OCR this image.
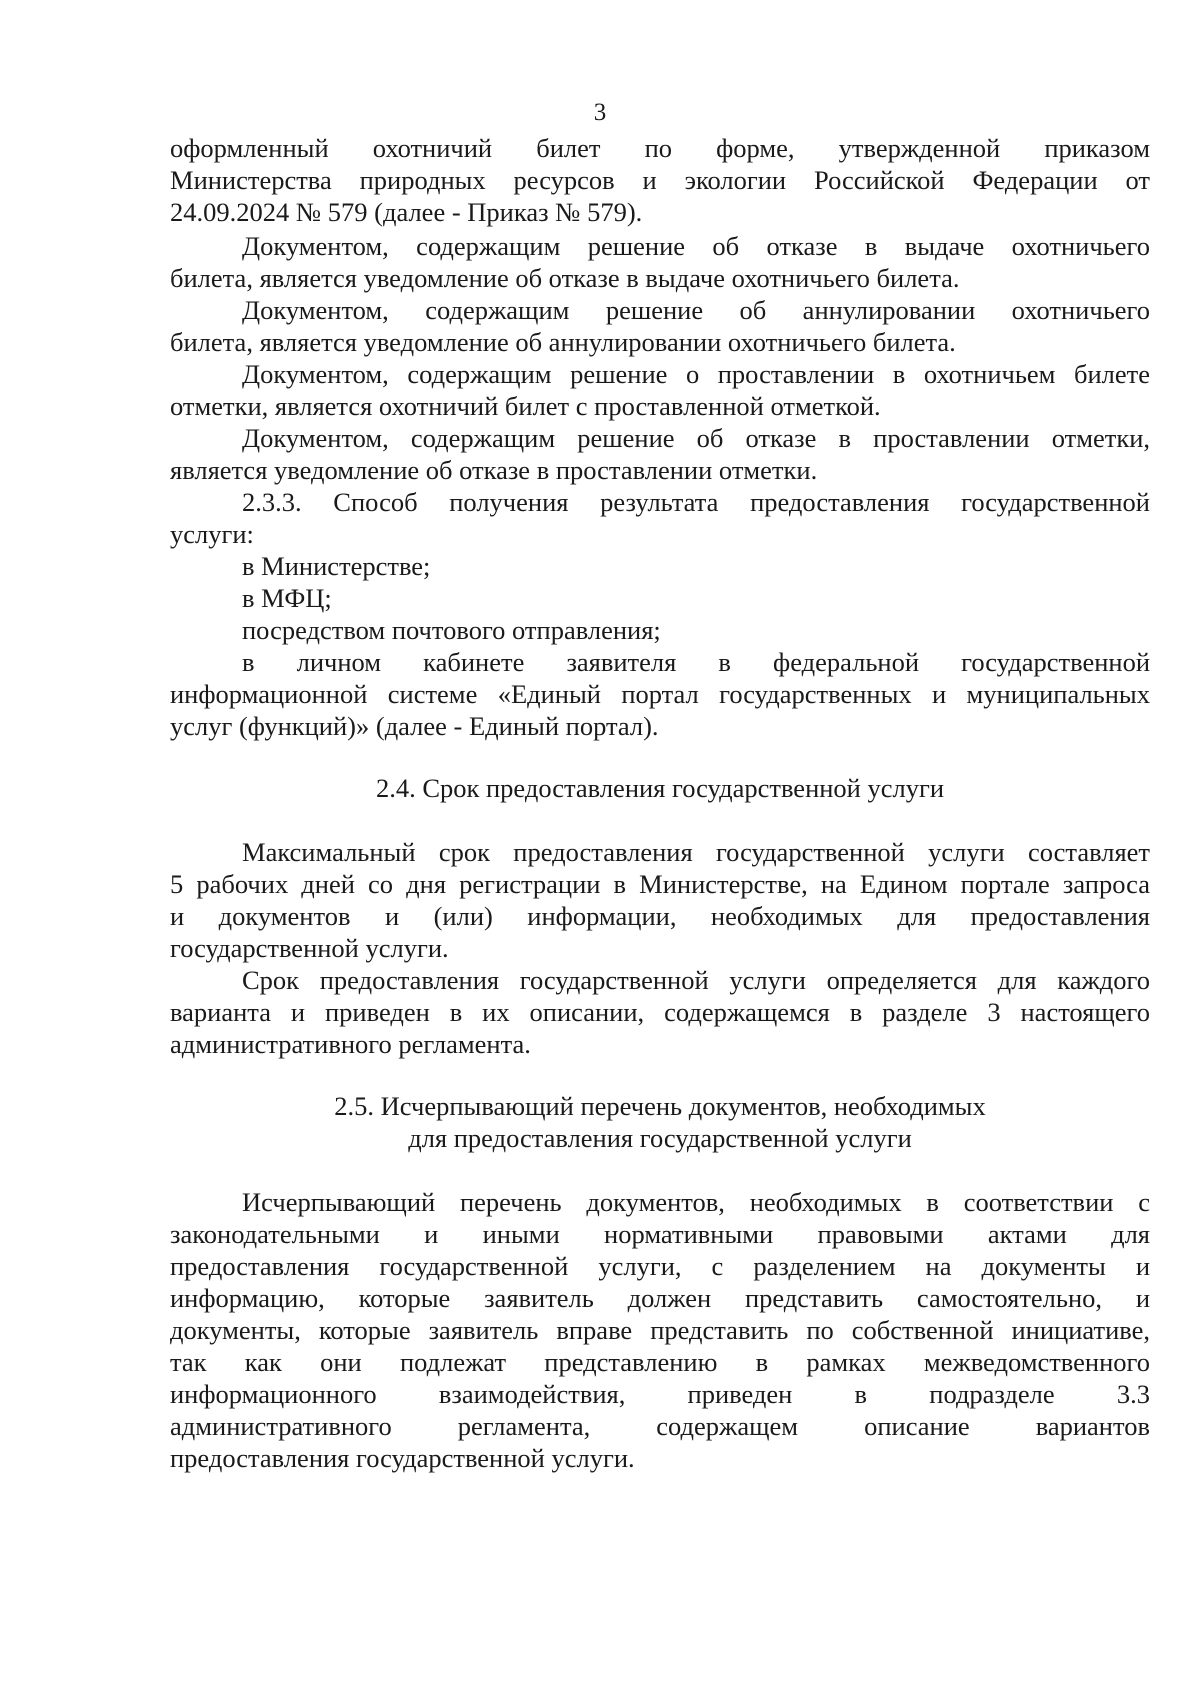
3
оформленный охотничий билет по форме, утвержденной приказом
Министерства природных ресурсов и экологии Российской Федерации от
24.09.2024 № 579 (далее - Приказ № 579).
Документом, содержащим решение об отказе в выдаче охотничьего
билета, является уведомление об отказе в выдаче охотничьего билета.
Документом, содержащим решение об аннулировании охотничьего
билета, является уведомление об аннулировании охотничьего билета.
Документом, содержащим решение о проставлении в охотничьем билете
отметки, является охотничий билет с проставленной отметкой.
Документом, содержащим решение об отказе в проставлении отметки,
является уведомление об отказе в проставлении отметки.
2.3.3. Способ получения результата предоставления государственной
услуги:
в Министерстве;
в МФЦ;
посредством почтового отправления;
в личном кабинете заявителя в федеральной государственной
информационной системе «Единый портал государственных и муниципальных
услуг (функций)» (далее - Единый портал).
2.4. Срок предоставления государственной услуги
Максимальный срок предоставления государственной услуги составляет
5 рабочих дней со дня регистрации в Министерстве, на Едином портале запроса
и документов и (или) информации, необходимых для предоставления
государственной услуги.
Срок предоставления государственной услуги определяется для каждого
варианта и приведен в их описании, содержащемся в разделе 3 настоящего
административного регламента.
2.5. Исчерпывающий перечень документов, необходимых
для предоставления государственной услуги
Исчерпывающий перечень документов, необходимых в соответствии с
законодательными и иными нормативными правовыми актами для
предоставления государственной услуги, с разделением на документы и
информацию, которые заявитель должен представить самостоятельно, и
документы, которые заявитель вправе представить по собственной инициативе,
так как они подлежат представлению в рамках межведомственного
информационного взаимодействия, приведен в подразделе 3.3
административного регламента, содержащем описание вариантов
предоставления государственной услуги.
